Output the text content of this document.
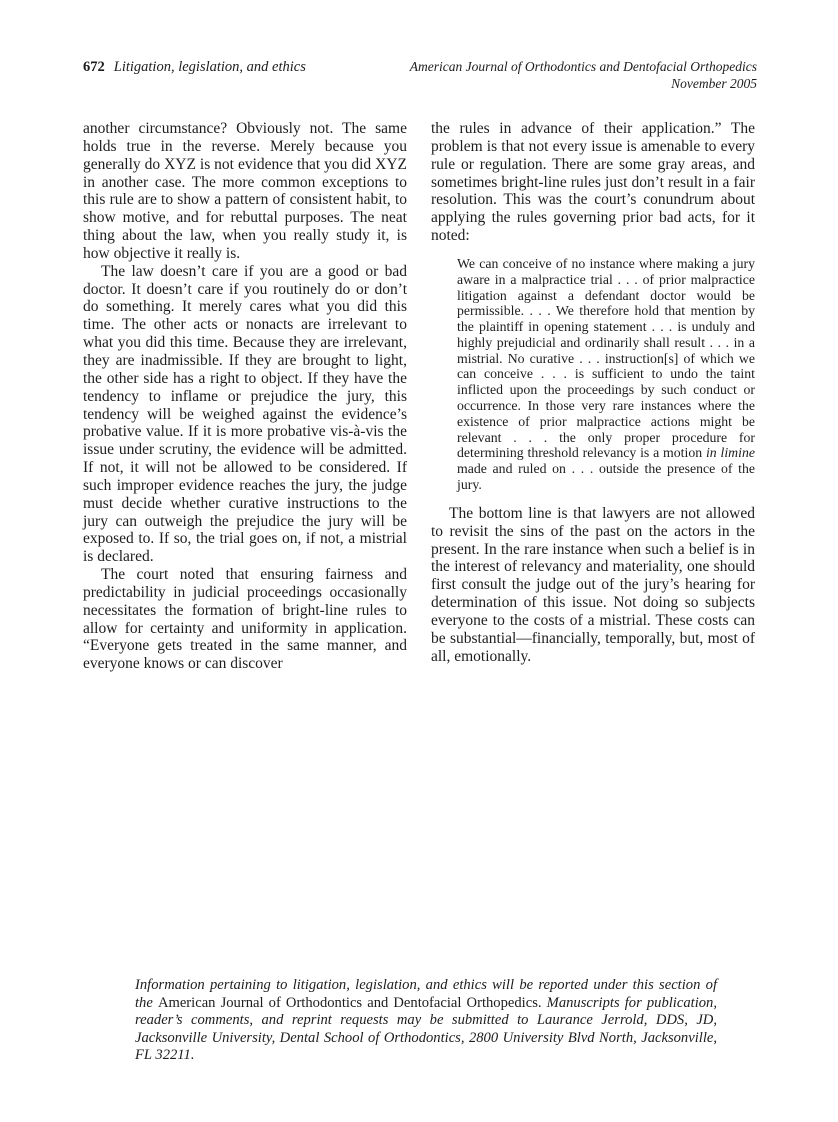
672 Litigation, legislation, and ethics	American Journal of Orthodontics and Dentofacial Orthopedics
November 2005

another circumstance? Obviously not. The same holds true in the reverse. Merely because you generally do XYZ is not evidence that you did XYZ in another case. The more common exceptions to this rule are to show a pattern of consistent habit, to show motive, and for rebuttal purposes. The neat thing about the law, when you really study it, is how objective it really is.

The law doesn’t care if you are a good or bad doctor. It doesn’t care if you routinely do or don’t do something. It merely cares what you did this time. The other acts or nonacts are irrelevant to what you did this time. Because they are irrelevant, they are inadmissible. If they are brought to light, the other side has a right to object. If they have the tendency to inflame or prejudice the jury, this tendency will be weighed against the evidence’s probative value. If it is more probative vis-à-vis the issue under scrutiny, the evidence will be admitted. If not, it will not be allowed to be considered. If such improper evidence reaches the jury, the judge must decide whether curative instructions to the jury can outweigh the prejudice the jury will be exposed to. If so, the trial goes on, if not, a mistrial is declared.

The court noted that ensuring fairness and predictability in judicial proceedings occasionally necessitates the formation of bright-line rules to allow for certainty and uniformity in application. “Everyone gets treated in the same manner, and everyone knows or can discover

the rules in advance of their application.” The problem is that not every issue is amenable to every rule or regulation. There are some gray areas, and sometimes bright-line rules just don’t result in a fair resolution. This was the court’s conundrum about applying the rules governing prior bad acts, for it noted:

We can conceive of no instance where making a jury aware in a malpractice trial . . . of prior malpractice litigation against a defendant doctor would be permissible. . . . We therefore hold that mention by the plaintiff in opening statement . . . is unduly and highly prejudicial and ordinarily shall result . . . in a mistrial. No curative . . . instruction[s] of which we can conceive . . . is sufficient to undo the taint inflicted upon the proceedings by such conduct or occurrence. In those very rare instances where the existence of prior malpractice actions might be relevant . . . the only proper procedure for determining threshold relevancy is a motion in limine made and ruled on . . . outside the presence of the jury.

The bottom line is that lawyers are not allowed to revisit the sins of the past on the actors in the present. In the rare instance when such a belief is in the interest of relevancy and materiality, one should first consult the judge out of the jury’s hearing for determination of this issue. Not doing so subjects everyone to the costs of a mistrial. These costs can be substantial—financially, temporally, but, most of all, emotionally.

Information pertaining to litigation, legislation, and ethics will be reported under this section of the American Journal of Orthodontics and Dentofacial Orthopedics. Manuscripts for publication, reader’s comments, and reprint requests may be submitted to Laurance Jerrold, DDS, JD, Jacksonville University, Dental School of Orthodontics, 2800 University Blvd North, Jacksonville, FL 32211.
